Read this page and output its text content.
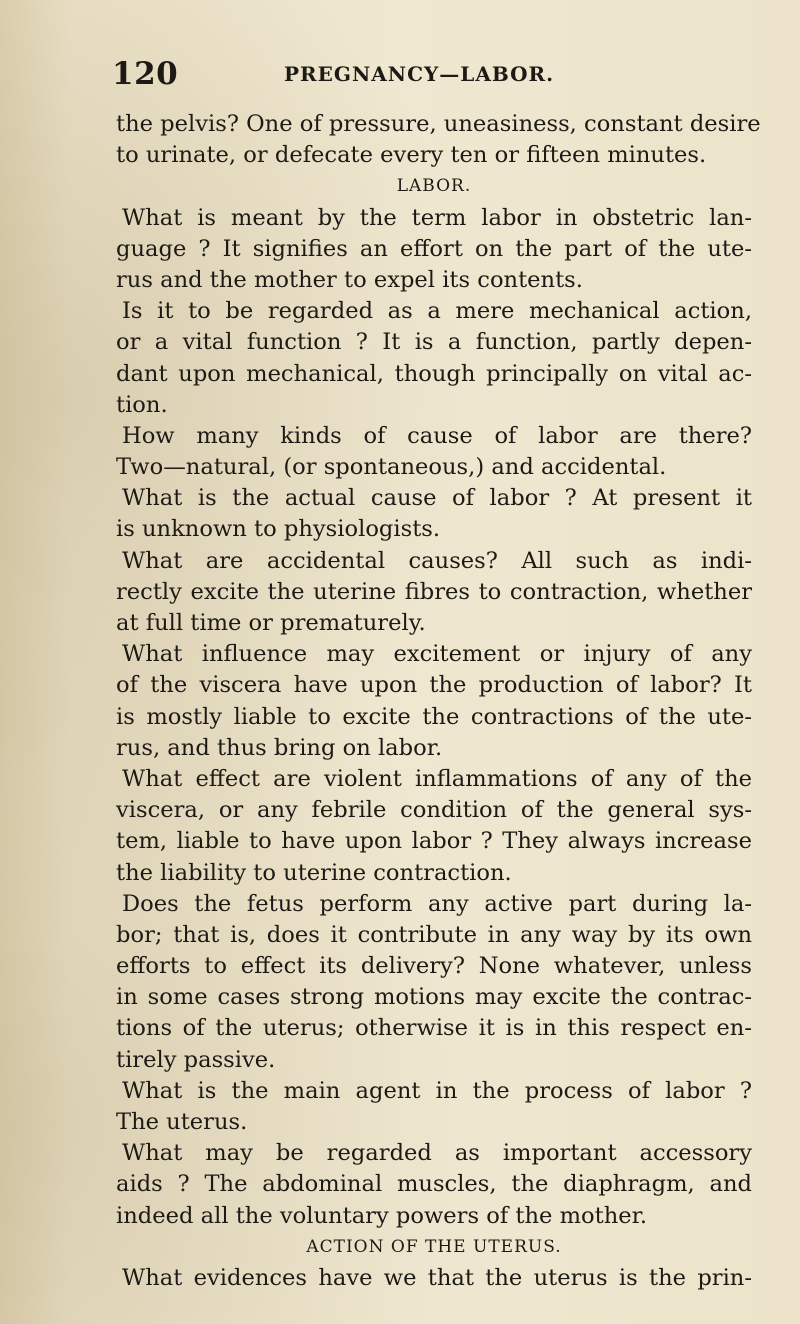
120	PREGNANCY—LABOR.
the pelvis? One of pressure, uneasiness, constant desire
to urinate, or defecate every ten or fifteen minutes.
LABOR.
What is meant by the term labor in obstetric lan-
guage ? It signifies an effort on the part of the ute-
rus and the mother to expel its contents.
Is it to be regarded as a mere mechanical action,
or a vital function ? It is a function, partly depen-
dant upon mechanical, though principally on vital ac-
tion.
How many kinds of cause of labor are there?
Two—natural, (or spontaneous,) and accidental.
What is the actual cause of labor ? At present it
is unknown to physiologists.
What are accidental causes? All such as indi-
rectly excite the uterine fibres to contraction, whether
at full time or prematurely.
What influence may excitement or injury of any
of the viscera have upon the production of labor? It
is mostly liable to excite the contractions of the ute-
rus, and thus bring on labor.
What effect are violent inflammations of any of the
viscera, or any febrile condition of the general sys-
tem, liable to have upon labor ? They always increase
the liability to uterine contraction.
Does the fetus perform any active part during la-
bor; that is, does it contribute in any way by its own
efforts to effect its delivery? None whatever, unless
in some cases strong motions may excite the contrac-
tions of the uterus; otherwise it is in this respect en-
tirely passive.
What is the main agent in the process of labor ?
The uterus.
What may be regarded as important accessory
aids ? The abdominal muscles, the diaphragm, and
indeed all the voluntary powers of the mother.
ACTION OF THE UTERUS.
What evidences have we that the uterus is the prin-
